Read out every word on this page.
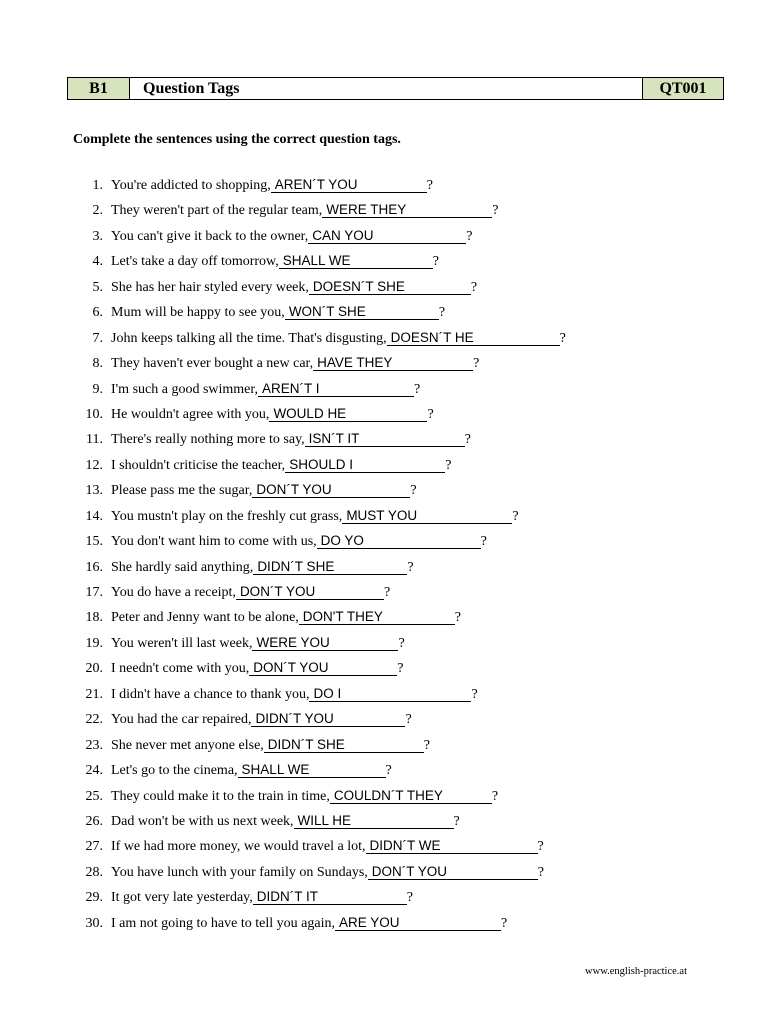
B1	Question Tags	QT001

Complete the sentences using the correct question tags.

1. You're addicted to shopping, AREN´T YOU	?
2. They weren't part of the regular team, WERE THEY	?
3. You can't give it back to the owner, CAN YOU	?
4. Let's take a day off tomorrow, SHALL WE	?
5. She has her hair styled every week, DOESN´T SHE	?
6. Mum will be happy to see you, WON´T SHE	?
7. John keeps talking all the time. That's disgusting, DOESN´T HE	?
8. They haven't ever bought a new car, HAVE THEY	?
9. I'm such a good swimmer, AREN´T I	?
10. He wouldn't agree with you, WOULD HE	?
11. There's really nothing more to say, ISN´T IT	?
12. I shouldn't criticise the teacher, SHOULD I	?
13. Please pass me the sugar, DON´T YOU	?
14. You mustn't play on the freshly cut grass, MUST YOU	?
15. You don't want him to come with us, DO YO	?
16. She hardly said anything, DIDN´T SHE	?
17. You do have a receipt, DON´T YOU	?
18. Peter and Jenny want to be alone, DON'T THEY	?
19. You weren't ill last week, WERE YOU	?
20. I needn't come with you, DON´T YOU	?
21. I didn't have a chance to thank you, DO I	?
22. You had the car repaired, DIDN´T YOU	?
23. She never met anyone else, DIDN´T SHE	?
24. Let's go to the cinema, SHALL WE	?
25. They could make it to the train in time, COULDN´T THEY	?
26. Dad won't be with us next week, WILL HE	?
27. If we had more money, we would travel a lot, DIDN´T WE	?
28. You have lunch with your family on Sundays, DON´T YOU	?
29. It got very late yesterday, DIDN´T IT	?
30. I am not going to have to tell you again, ARE YOU	?
www.english-practice.at
